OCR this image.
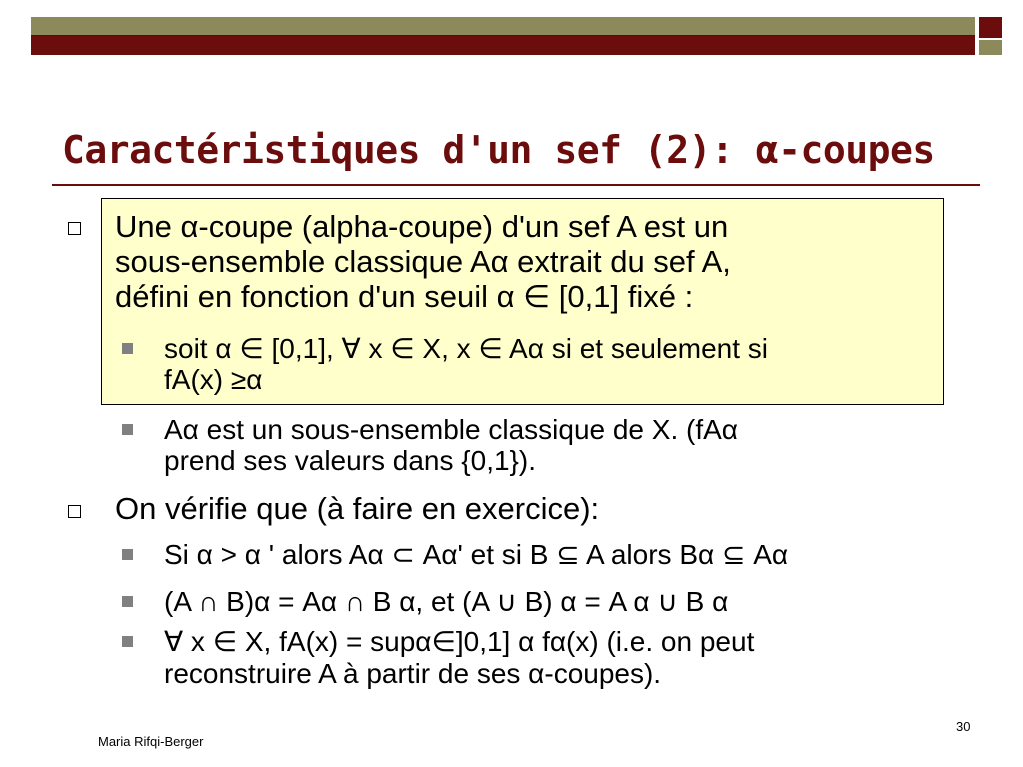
Caractéristiques d'un sef (2): α-coupes

Une α-coupe (alpha-coupe) d'un sef A est un

sous-ensemble classique Aα extrait du sef A,

défini en fonction d'un seuil α ∈ [0,1] fixé :

soit α ∈ [0,1], ∀ x ∈ X, x ∈ Aα si et seulement si

fA(x) ≥α

Aα est un sous-ensemble classique de X. (fAα

prend ses valeurs dans {0,1}).

On vérifie que (à faire en exercice):

Si α > α ' alors Aα ⊂ Aα' et si B ⊆ A alors Bα ⊆ Aα

(A ∩ B)α = Aα ∩ B α, et (A ∪ B) α = A α ∪ B α

∀ x ∈ X, fA(x) = supα∈]0,1] α fα(x) (i.e. on peut

reconstruire A à partir de ses α-coupes).

Maria Rifqi-Berger
30
